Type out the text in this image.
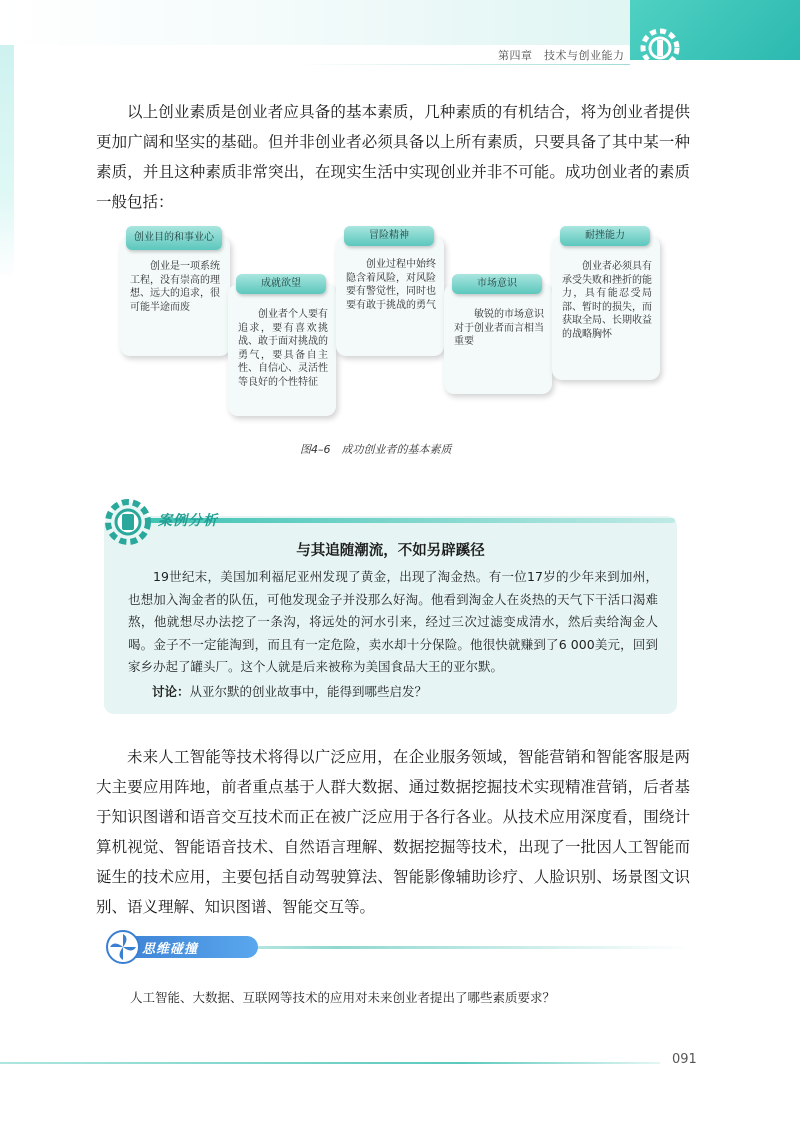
第四章　技术与创业能力

以上创业素质是创业者应具备的基本素质，几种素质的有机结合，将为创业者提供更加广阔和坚实的基础。但并非创业者必须具备以上所有素质，只要具备了其中某一种素质，并且这种素质非常突出，在现实生活中实现创业并非不可能。成功创业者的素质一般包括：

创业目的和事业心

创业是一项系统工程，没有崇高的理想、远大的追求，很可能半途而废

成就欲望

创业者个人要有追求，要有喜欢挑战、敢于面对挑战的勇气，要具备自主性、自信心、灵活性等良好的个性特征

冒险精神

创业过程中始终隐含着风险，对风险要有警觉性，同时也要有敢于挑战的勇气

市场意识

敏锐的市场意识对于创业者而言相当重要

耐挫能力

创业者必须具有承受失败和挫折的能力，具有能忍受局部、暂时的损失，而获取全局、长期收益的战略胸怀

图4–6　成功创业者的基本素质
案例分析
与其追随潮流，不如另辟蹊径

19世纪末，美国加利福尼亚州发现了黄金，出现了淘金热。有一位17岁的少年来到加州，也想加入淘金者的队伍，可他发现金子并没那么好淘。他看到淘金人在炎热的天气下干活口渴难熬，他就想尽办法挖了一条沟，将远处的河水引来，经过三次过滤变成清水，然后卖给淘金人喝。金子不一定能淘到，而且有一定危险，卖水却十分保险。他很快就赚到了6 000美元，回到家乡办起了罐头厂。这个人就是后来被称为美国食品大王的亚尔默。

讨论：从亚尔默的创业故事中，能得到哪些启发？

未来人工智能等技术将得以广泛应用，在企业服务领域，智能营销和智能客服是两大主要应用阵地，前者重点基于人群大数据、通过数据挖掘技术实现精准营销，后者基于知识图谱和语音交互技术而正在被广泛应用于各行各业。从技术应用深度看，围绕计算机视觉、智能语音技术、自然语言理解、数据挖掘等技术，出现了一批因人工智能而诞生的技术应用，主要包括自动驾驶算法、智能影像辅助诊疗、人脸识别、场景图文识别、语义理解、知识图谱、智能交互等。

思维碰撞
人工智能、大数据、互联网等技术的应用对未来创业者提出了哪些素质要求？
091
